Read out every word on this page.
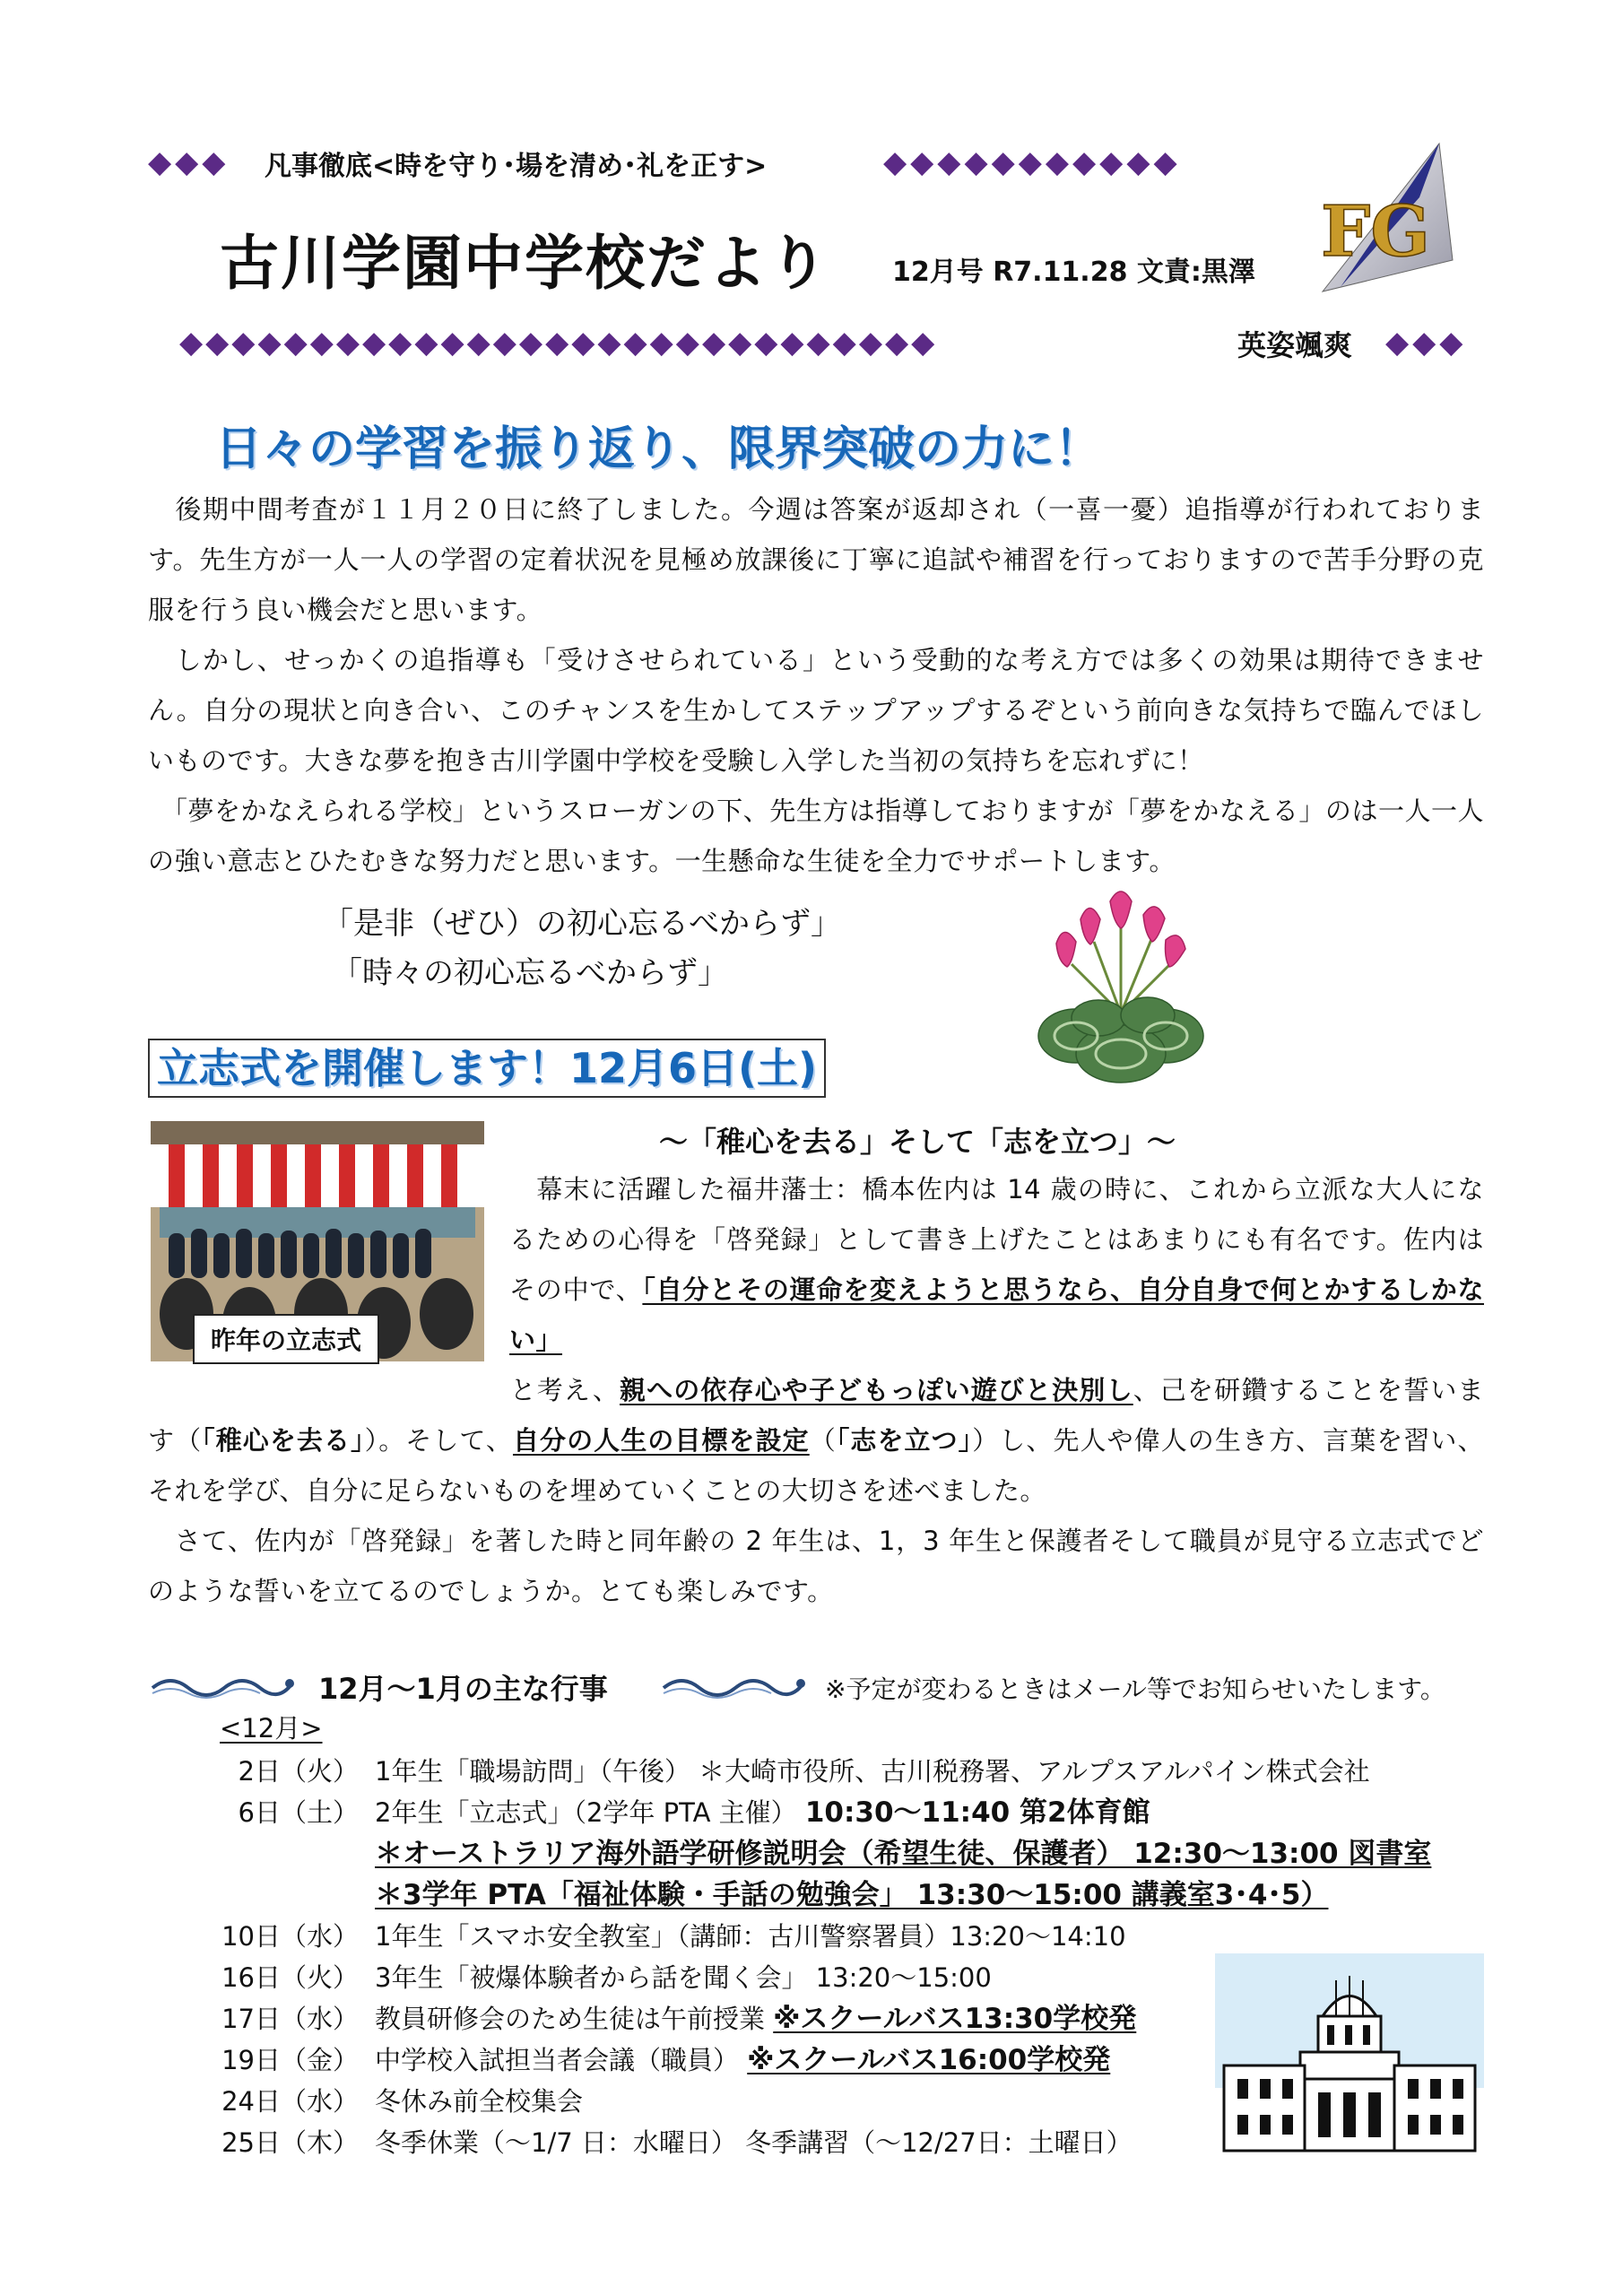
◆◆◆ 凡事徹底<時を守り･場を清め･礼を正す>	◆◆◆◆◆◆◆◆◆◆◆
古川学園中学校だより 12月号 R7.11.28 文責:黒澤 FG
◆◆◆◆◆◆◆◆◆◆◆◆◆◆◆◆◆◆◆◆◆◆◆◆◆◆◆◆◆	英姿颯爽 ◆◆◆
日々の学習を振り返り、限界突破の力に！
　後期中間考査が１１月２０日に終了しました。今週は答案が返却され（一喜一憂）追指導が行われております。先生方が一人一人の学習の定着状況を見極め放課後に丁寧に追試や補習を行っておりますので苦手分野の克服を行う良い機会だと思います。
　しかし、せっかくの追指導も「受けさせられている」という受動的な考え方では多くの効果は期待できません。自分の現状と向き合い、このチャンスを生かしてステップアップするぞという前向きな気持ちで臨んでほしいものです。大きな夢を抱き古川学園中学校を受験し入学した当初の気持ちを忘れずに！
　「夢をかなえられる学校」というスローガンの下、先生方は指導しておりますが「夢をかなえる」のは一人一人の強い意志とひたむきな努力だと思います。一生懸命な生徒を全力でサポートします。
「是非（ぜひ）の初心忘るべからず」
「時々の初心忘るべからず」
立志式を開催します！12月6日(土)
昨年の立志式
～「稚心を去る」そして「志を立つ」～
　幕末に活躍した福井藩士：橋本佐内は 14 歳の時に、これから立派な大人になるための心得を「啓発録」として書き上げたことはあまりにも有名です。佐内はその中で、「自分とその運命を変えようと思うなら、自分自身で何とかするしかない」
と考え、親への依存心や子どもっぽい遊びと決別し、己を研鑽することを誓います（「稚心を去る」）。そして、自分の人生の目標を設定（「志を立つ」）し、先人や偉人の生き方、言葉を習い、それを学び、自分に足らないものを埋めていくことの大切さを述べました。
　さて、佐内が「啓発録」を著した時と同年齢の 2 年生は、1，3 年生と保護者そして職員が見守る立志式でどのような誓いを立てるのでしょうか。とても楽しみです。
12月～1月の主な行事	※予定が変わるときはメール等でお知らせいたします。
<12月>
2日（火） 1年生「職場訪問」（午後） ＊大崎市役所、古川税務署、アルプスアルパイン株式会社
6日（土） 2年生「立志式」（2学年 PTA 主催） 10:30～11:40 第2体育館
＊オーストラリア海外語学研修説明会（希望生徒、保護者） 12:30～13:00 図書室
＊3学年 PTA「福祉体験・手話の勉強会」 13:30～15:00 講義室3･4･5）
10日（水） 1年生「スマホ安全教室」（講師：古川警察署員）13:20～14:10
16日（火） 3年生「被爆体験者から話を聞く会」 13:20～15:00
17日（水） 教員研修会のため生徒は午前授業 ※スクールバス13:30学校発
19日（金） 中学校入試担当者会議（職員） ※スクールバス16:00学校発
24日（水） 冬休み前全校集会
25日（木） 冬季休業（～1/7 日：水曜日） 冬季講習（～12/27日：土曜日）
